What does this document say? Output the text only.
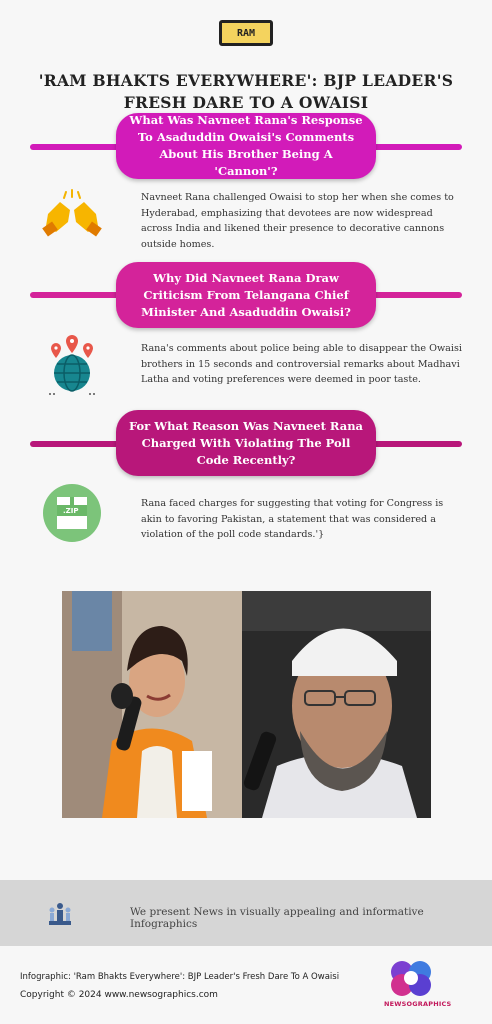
RAM
'RAM BHAKTS EVERYWHERE': BJP LEADER'S FRESH DARE TO A OWAISI
What Was Navneet Rana's Response To Asaduddin Owaisi's Comments About His Brother Being A 'Cannon'?
Navneet Rana challenged Owaisi to stop her when she comes to Hyderabad, emphasizing that devotees are now widespread across India and likened their presence to decorative cannons outside homes.
Why Did Navneet Rana Draw Criticism From Telangana Chief Minister And Asaduddin Owaisi?
Rana's comments about police being able to disappear the Owaisi brothers in 15 seconds and controversial remarks about Madhavi Latha and voting preferences were deemed in poor taste.
For What Reason Was Navneet Rana Charged With Violating The Poll Code Recently?
.ZIP
Rana faced charges for suggesting that voting for Congress is akin to favoring Pakistan, a statement that was considered a violation of the poll code standards.'}
We present News in visually appealing and informative Infographics
Infographic: 'Ram Bhakts Everywhere': BJP Leader's Fresh Dare To A Owaisi
Copyright © 2024 www.newsographics.com
NEWSOGRAPHICS
